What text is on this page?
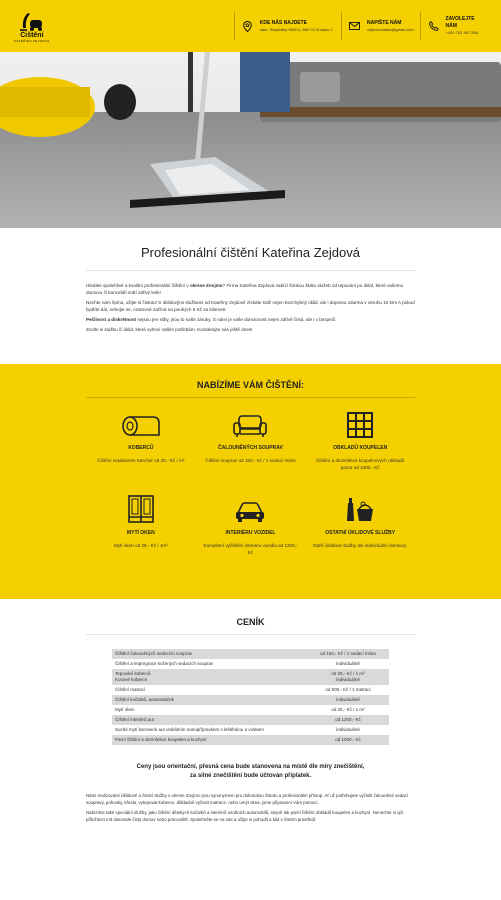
Čištění
KATEŘINA ZEJDOVÁ
KDE NÁS NAJDETE
nám. Republiky 963/11, 669 02 Znojmo 2
NAPIŠTE NÁM
zejdova.katka@gmail.com
ZAVOLEJTE NÁM
+420 703 367 288
Profesionální čištění Kateřina Zejdová

Hledáte spolehlivé a kvalitní profesionální čištění v okrese Znojmo? Firma Kateřina Zejdová nabízí širokou škálu služeb od tepování po úklid, které vašemu domovu či kanceláři vrátí zářivý lesk!

Nechte nám špínu, užijte si čistotu! S úklidovými službami od Kateřiny Zejdové získáte totiž nejen bezchybný úklid, ale i dopravu zdarma v okruhu 10 km! A pokud bydlíte dál, nebojte se, cestovné začíná na pouhých 5 Kč za kilometr.

Pečlivost a diskrétnost nejsou jen sliby, jsou to naše záruky. S námi je vaše domácnost nejen zářivě čistá, ale i v bezpečí.

Zvolte si službu či úklid, která vyhoví Vašim potřebám. Kontaktujte nás ještě dnes!

NABÍZÍME VÁM ČIŠTĚNÍ:
KOBERCŮ
Čištění extaktorem Kärcher od 25,- Kč / m²
ČALOUNĚNÝCH SOUPRAV
Čištění souprav od 150,- Kč / 1 sedací místo
OBKLADŮ KOUPELEN
Čištění a dezinfekce koupelnových obkladů parou od 1000,- Kč
MYTÍ OKEN
Mytí oken od 25,- Kč / 1m²
INTERIÉRU VOZIDEL
Kompletní vyčištění interiéru vozidla od 1200,- Kč
OSTATNÍ ÚKLIDOVÉ SLUŽBY
Další úklidové služby dle individuální domluvy.
CENÍK
Čištění čalouněných sedacích souprav	od 150,- Kč / 1 sedací místo
Čištění a impregrace kožených sedacích souprav	individuálně
Tepování koberců
Kusové koberce	od 25,- Kč / 1 m²
individuálně
Čištění matrací	od 500,- Kč / 1 matraci
Čištění kočárků, autosedaček	individuálně
Mytí oken	od 25,- Kč / 1 m²
Čištění interiérů aut	od 1200,- Kč
Suché mytí karoserie aut unikátním nanopřípravkem s leštěnkou a voskem	individuálně
Parní čištění a dezinfekce koupelen a kuchyní	od 1000,- Kč
Ceny jsou orientační, přesná cena bude stanovena na místě dle míry znečištění,
za silné znečištění bude účtován příplatek.

Námi realizované úklidové a čisticí služby v okrese Znojmo jsou synonymem pro dokonalou čistotu a profesionální přístup. Ať už potřebujete vyčistit čalouněné sedací soupravy, pohovky, křesla, vytepovat koberce, důkladně vyčistit matrace, nebo umýt okna, jsme připraveni Vám pomoci.

Nabízíme také speciální služby, jako čištění dětských kočárků a interiérů osobních automobilů, stejně tak parní čištění obkladů koupelen a kuchyní. Nenechte si ujít příležitost mít dokonale čistý domov nebo pracoviště. Spolehněte se na nás a užijte si pohodlí a klid v čistém prostředí.
